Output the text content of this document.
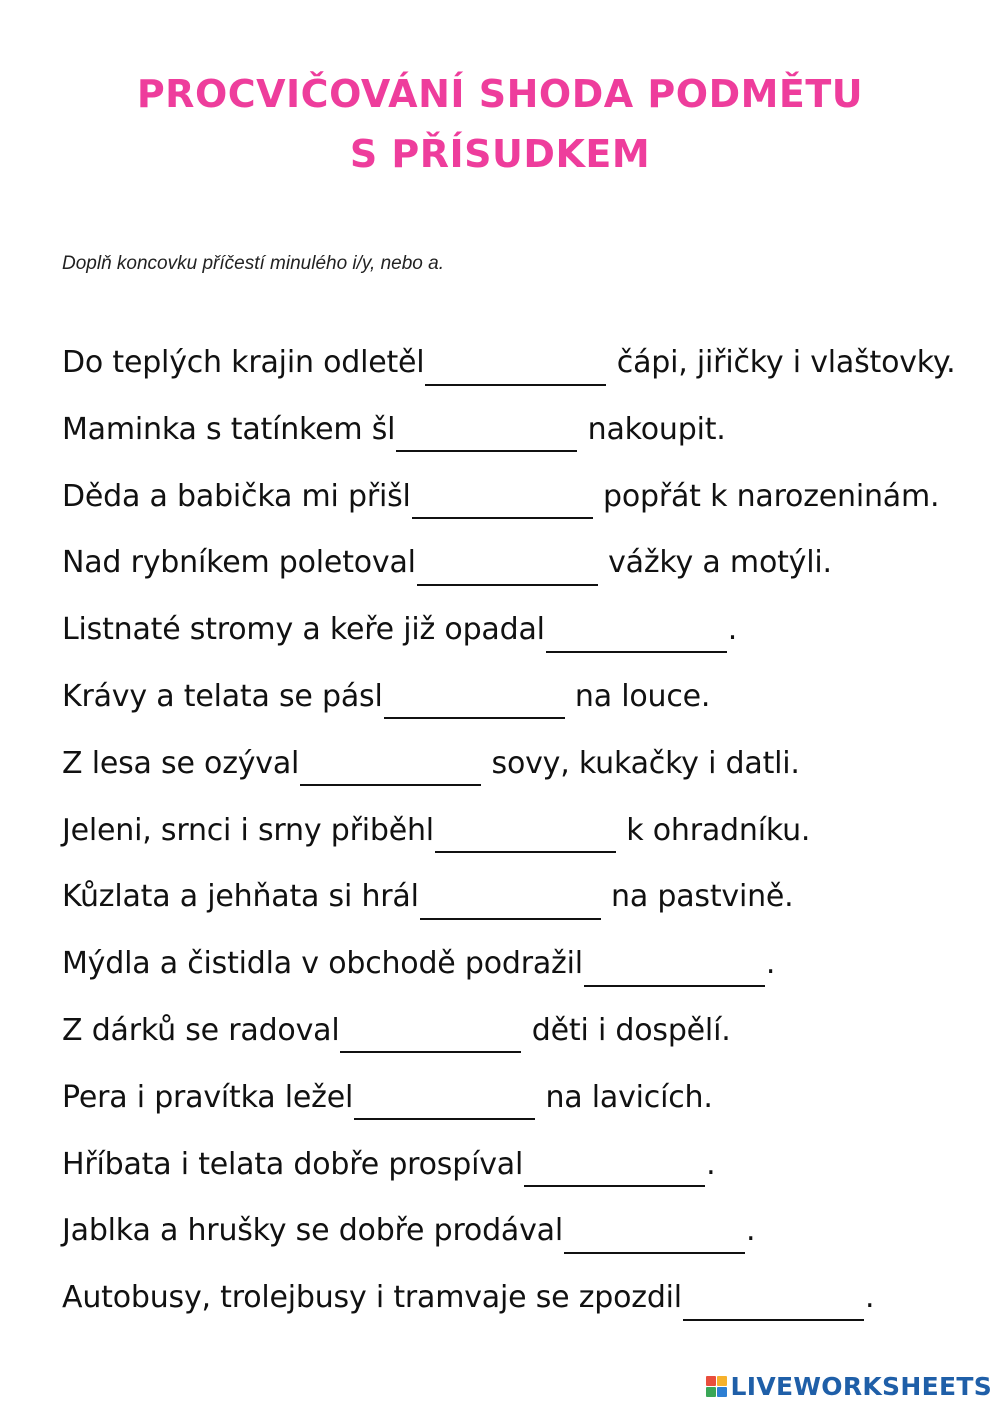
PROCVIČOVÁNÍ SHODA PODMĚTU
S PŘÍSUDKEM
Doplň koncovku příčestí minulého i/y, nebo a.
Do teplých krajin odletěl	čápi, jiřičky i vlaštovky.
Maminka s tatínkem šl	nakoupit.
Děda a babička mi přišl	popřát k narozeninám.
Nad rybníkem poletoval	vážky a motýli.
Listnaté stromy a keře již opadal	.
Krávy a telata se pásl	na louce.
Z lesa se ozýval	sovy, kukačky i datli.
Jeleni, srnci i srny přiběhl	k ohradníku.
Kůzlata a jehňata si hrál	na pastvině.
Mýdla a čistidla v obchodě podražil	.
Z dárků se radoval	děti i dospělí.
Pera i pravítka ležel	na lavicích.
Hříbata i telata dobře prospíval	.
Jablka a hrušky se dobře prodával	.
Autobusy, trolejbusy i tramvaje se zpozdil	.
LIVEWORKSHEETS
